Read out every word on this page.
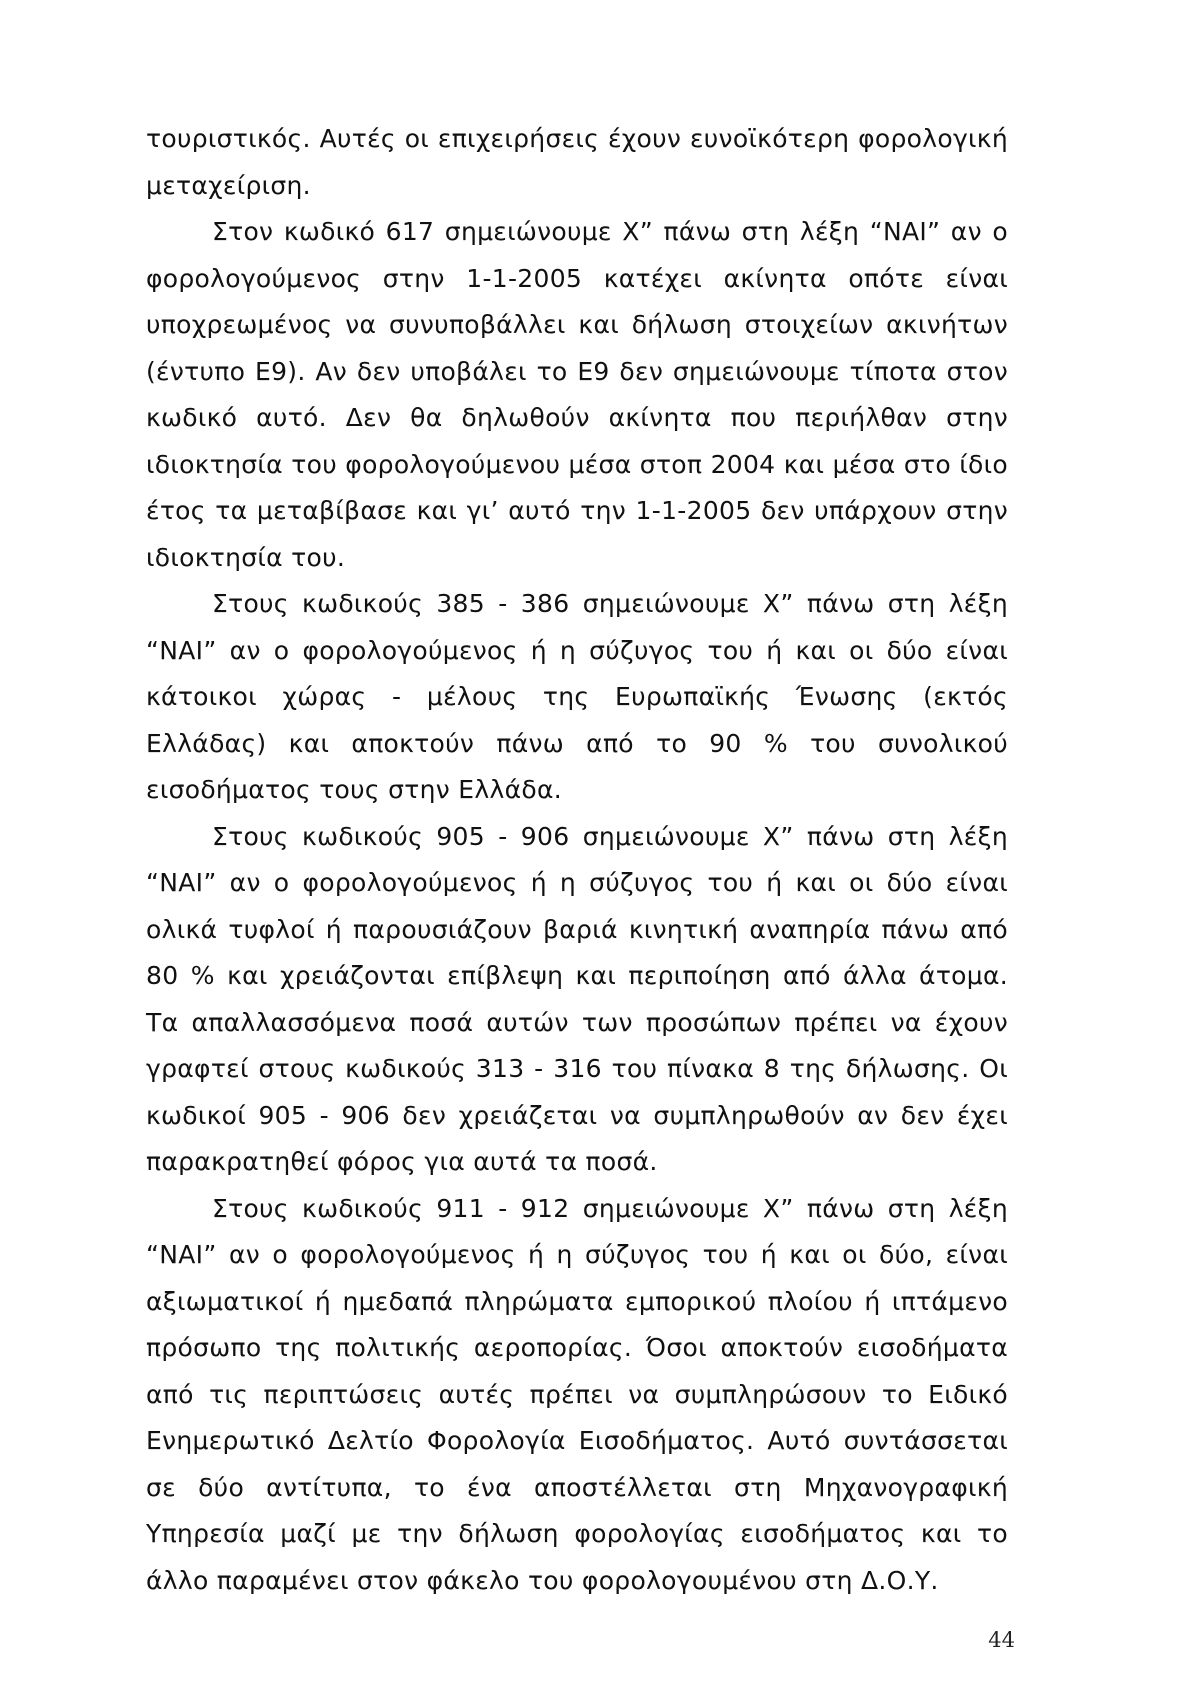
τουριστικός. Αυτές οι επιχειρήσεις έχουν ευνοϊκότερη φορολογική μεταχείριση.

Στον κωδικό 617 σημειώνουμε Χ” πάνω στη λέξη “ΝΑΙ” αν ο φορολογούμενος στην 1-1-2005 κατέχει ακίνητα οπότε είναι υποχρεωμένος να συνυποβάλλει και δήλωση στοιχείων ακινήτων (έντυπο Ε9). Αν δεν υποβάλει το Ε9 δεν σημειώνουμε τίποτα στον κωδικό αυτό. Δεν θα δηλωθούν ακίνητα που περιήλθαν στην ιδιοκτησία του φορολογούμενου μέσα στοπ 2004 και μέσα στο ίδιο έτος τα μεταβίβασε και γι’ αυτό την 1-1-2005 δεν υπάρχουν στην ιδιοκτησία του.

Στους κωδικούς 385 - 386 σημειώνουμε Χ” πάνω στη λέξη “ΝΑΙ” αν ο φορολογούμενος ή η σύζυγος του ή και οι δύο είναι κάτοικοι χώρας - μέλους της Ευρωπαϊκής Ένωσης (εκτός Ελλάδας) και αποκτούν πάνω από το 90 % του συνολικού εισοδήματος τους στην Ελλάδα.

Στους κωδικούς 905 - 906 σημειώνουμε Χ” πάνω στη λέξη “ΝΑΙ” αν ο φορολογούμενος ή η σύζυγος του ή και οι δύο είναι ολικά τυφλοί ή παρουσιάζουν βαριά κινητική αναπηρία πάνω από 80 % και χρειάζονται επίβλεψη και περιποίηση από άλλα άτομα. Τα απαλλασσόμενα ποσά αυτών των προσώπων πρέπει να έχουν γραφτεί στους κωδικούς 313 - 316 του πίνακα 8 της δήλωσης. Οι κωδικοί 905 - 906 δεν χρειάζεται να συμπληρωθούν αν δεν έχει παρακρατηθεί φόρος για αυτά τα ποσά.

Στους κωδικούς 911 - 912 σημειώνουμε Χ” πάνω στη λέξη “ΝΑΙ” αν ο φορολογούμενος ή η σύζυγος του ή και οι δύο, είναι αξιωματικοί ή ημεδαπά πληρώματα εμπορικού πλοίου ή ιπτάμενο πρόσωπο της πολιτικής αεροπορίας. Όσοι αποκτούν εισοδήματα από τις περιπτώσεις αυτές πρέπει να συμπληρώσουν το Ειδικό Ενημερωτικό Δελτίο Φορολογία Εισοδήματος. Αυτό συντάσσεται σε δύο αντίτυπα, το ένα αποστέλλεται στη Μηχανογραφική Υπηρεσία μαζί με την δήλωση φορολογίας εισοδήματος και το άλλο παραμένει στον φάκελο του φορολογουμένου στη Δ.Ο.Υ.

44
